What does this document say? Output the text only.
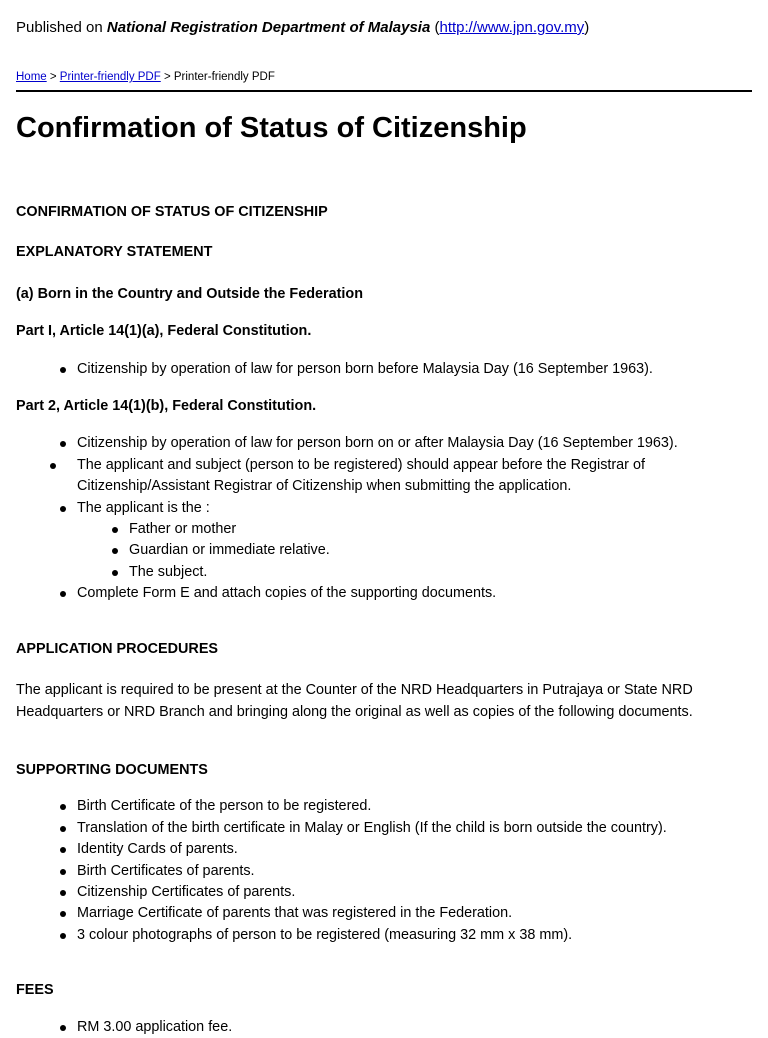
Published on National Registration Department of Malaysia (http://www.jpn.gov.my)
Home > Printer-friendly PDF > Printer-friendly PDF
Confirmation of Status of Citizenship

CONFIRMATION OF STATUS OF CITIZENSHIP

EXPLANATORY STATEMENT

(a) Born in the Country and Outside the Federation

Part I, Article 14(1)(a), Federal Constitution.

Citizenship by operation of law for person born before Malaysia Day (16 September 1963).

Part 2, Article 14(1)(b), Federal Constitution.

Citizenship by operation of law for person born on or after Malaysia Day (16 September 1963).
The applicant and subject (person to be registered) should appear before the Registrar of Citizenship/Assistant Registrar of Citizenship when submitting the application.
The applicant is the :
Father or mother
Guardian or immediate relative.
The subject.
Complete Form E and attach copies of the supporting documents.

APPLICATION PROCEDURES

The applicant is required to be present at the Counter of the NRD Headquarters in Putrajaya or State NRD Headquarters or NRD Branch and bringing along the original as well as copies of the following documents.

SUPPORTING DOCUMENTS

Birth Certificate of the person to be registered.
Translation of the birth certificate in Malay or English (If the child is born outside the country).
Identity Cards of parents.
Birth Certificates of parents.
Citizenship Certificates of parents.
Marriage Certificate of parents that was registered in the Federation.
3 colour photographs of person to be registered (measuring 32 mm x 38 mm).

FEES

RM 3.00 application fee.
